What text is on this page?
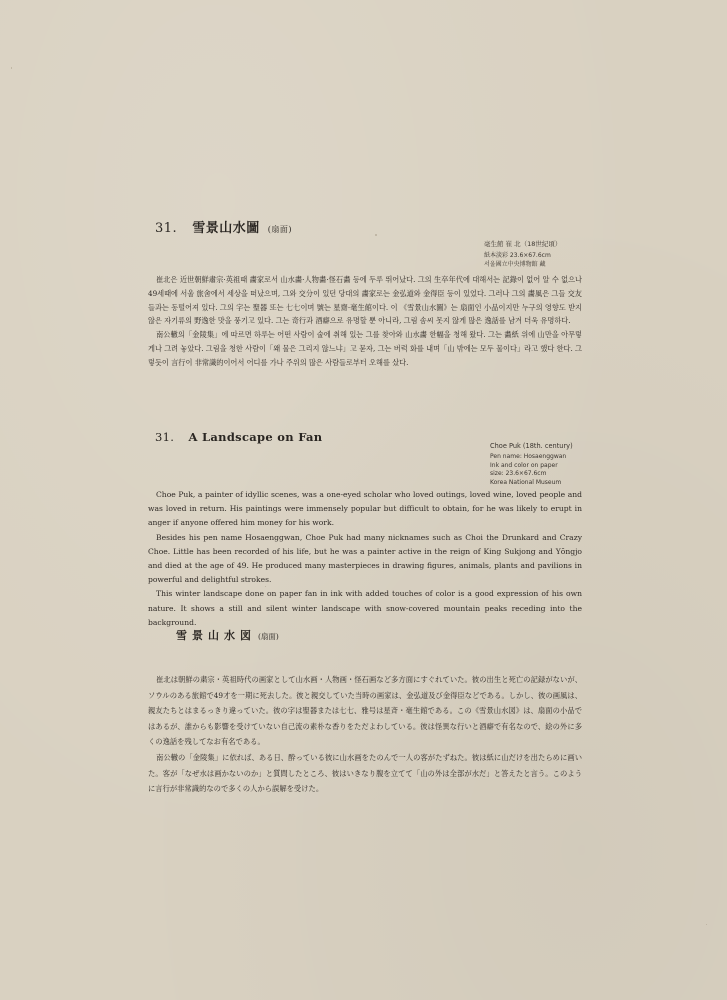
31. 雪景山水圖 (扇面)
毫生館 崔 北（18世紀頃）
紙本淡彩 23.6×67.6cm
서울國立中央博物館 藏

崔北은 近世朝鮮肅宗·英祖때 畵家로서 山水畵·人物畵·怪石畵 등에 두루 뛰어났다. 그의 生卒年代에 대해서는 記錄이 없어 알 수 없으나 49세때에 서울 旅舍에서 세상을 떠났으며, 그와 交分이 있던 당대의 畵家로는 金弘道와 金得臣 등이 있었다. 그러나 그의 畵風은 그들 交友들과는 동떨어져 있다. 그의 字는 聖器 또는 七七이며 號는 星齋·毫生館이다. 이 《雪景山水圖》는 扇面인 小品이지만 누구의 영향도 받지 않은 자기류의 野逸한 맛을 풍기고 있다. 그는 奇行과 酒癖으로 유명할 뿐 아니라, 그림 솜씨 못지 않게 많은 逸話를 남겨 더욱 유명하다.

南公轍의「金陵集」에 따르면 하루는 어떤 사람이 술에 취해 있는 그를 찾아와 山水畵 한幅을 청해 왔다. 그는 畵紙 위에 山만을 아무렇게나 그려 놓았다. 그림을 청한 사람이「왜 물은 그리지 않느냐」고 묻자, 그는 버럭 화를 내며「山 밖에는 모두 물이다」라고 했다 한다. 그렇듯이 言行이 非常識的이어서 어디를 가나 주위의 많은 사람들로부터 오해를 샀다.

31. A Landscape on Fan
Choe Puk (18th. century)
Pen name: Hosaenggwan
Ink and color on paper
size: 23.6×67.6cm
Korea National Museum

Choe Puk, a painter of idyllic scenes, was a one-eyed scholar who loved outings, loved wine, loved people and was loved in return. His paintings were immensely popular but difficult to obtain, for he was likely to erupt in anger if anyone offered him money for his work.

Besides his pen name Hosaenggwan, Choe Puk had many nicknames such as Choi the Drunkard and Crazy Choe. Little has been recorded of his life, but he was a painter active in the reign of King Sukjong and Yŏngjo and died at the age of 49. He produced many masterpieces in drawing figures, animals, plants and pavilions in powerful and delightful strokes.

This winter landscape done on paper fan in ink with added touches of color is a good expression of his own nature. It shows a still and silent winter landscape with snow-covered mountain peaks receding into the background.

雪景山水図 (扇面)

崔北は朝鮮の粛宗・英祖時代の画家として山水画・人物画・怪石画など多方面にすぐれていた。彼の出生と死亡の記録がないが、ソウルのある旅館で49才を一期に死去した。彼と親交していた当時の画家は、金弘道及び金得臣などである。しかし、彼の画風は、親友たちとはまるっきり違っていた。彼の字は聖器または七七、雅号は星斉・毫生館である。この《雪景山水図》は、扇面の小品ではあるが、誰からも影響を受けていない自己流の素朴な香りをただよわしている。彼は怪異な行いと酒癖で有名なので、絵の外に多くの逸話を残してなお有名である。

南公轍の「金陵集」に依れば、ある日、酔っている彼に山水画をたのんで一人の客がたずねた。彼は紙に山だけを出たらめに画いた。客が「なぜ水は画かないのか」と質問したところ、彼はいきなり腹を立てて「山の外は全部が水だ」と答えたと言う。このように言行が非常識的なので多くの人から誤解を受けた。
